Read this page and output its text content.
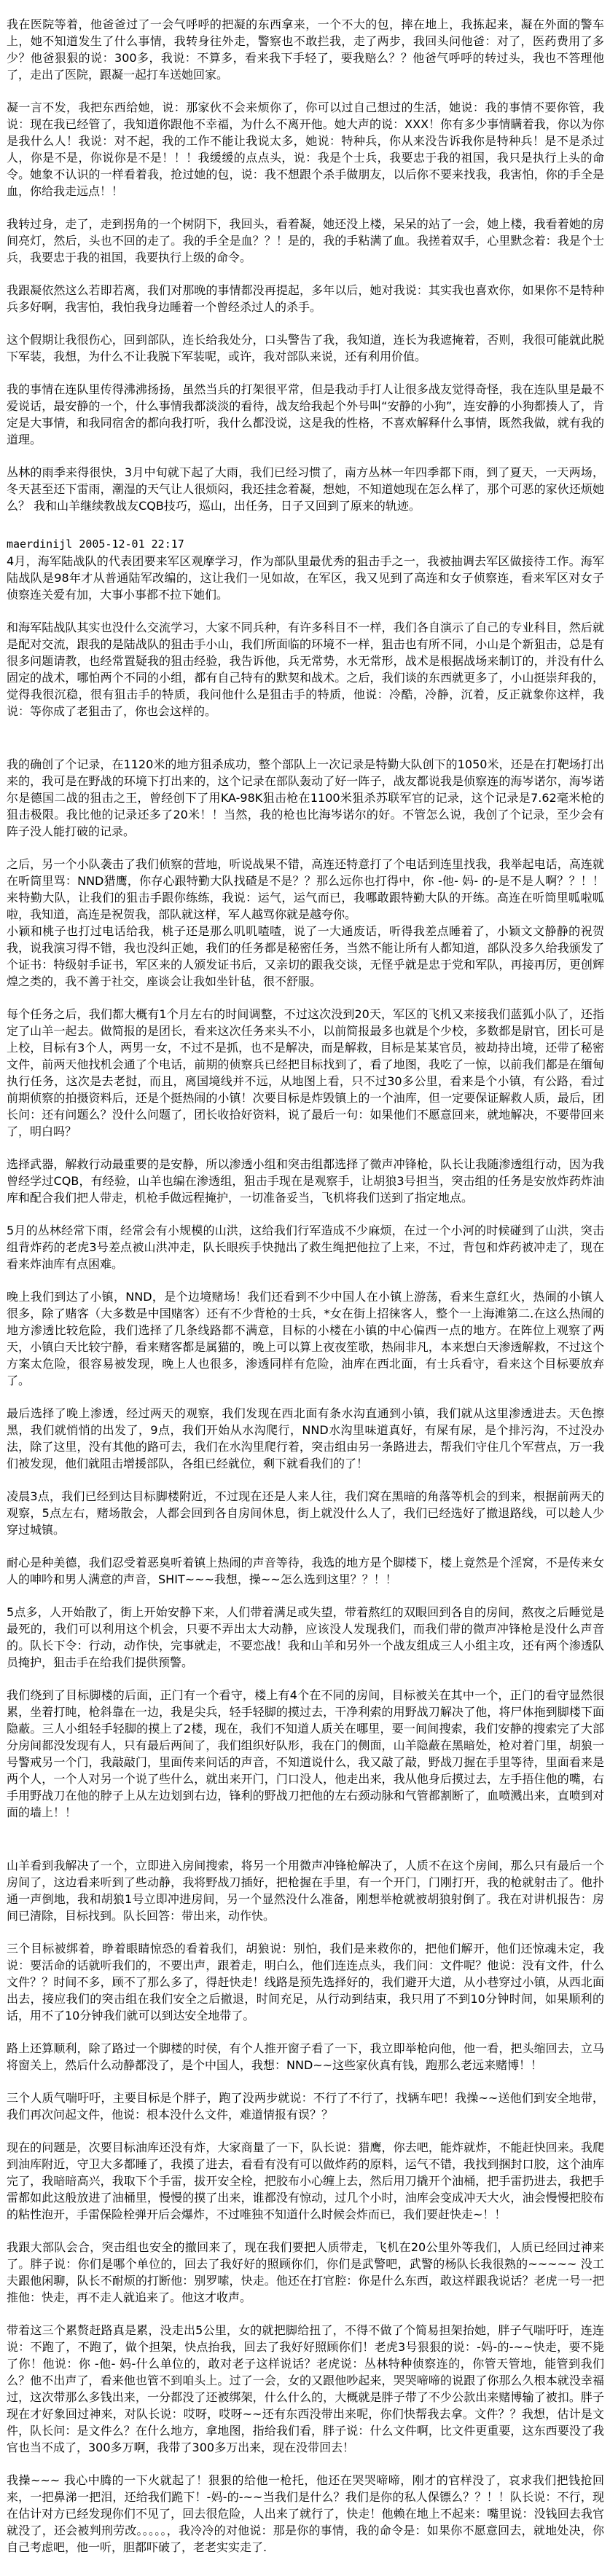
我在医院等着，他爸爸过了一会气呼呼的把凝的东西拿来，一个不大的包，摔在地上，我拣起来，凝在外面的警车上，她不知道发生了什么事情，我转身往外走，警察也不敢拦我，走了两步，我回头问他爸：对了，医药费用了多少？他爸狠狠的说：300多，我说：不算多，看来我下手轻了，要我赔么？？他爸气呼呼的转过头，我也不答理他了，走出了医院，跟凝一起打车送她回家。
凝一言不发，我把东西给她，说：那家伙不会来烦你了，你可以过自己想过的生活，她说：我的事情不要你管，我说：现在我已经管了，我知道你跟他不幸福，为什么不离开他。她大声的说：XXX！你有多少事情瞒着我，你以为你是我什么人！我说：对不起，我的工作不能让我说太多，她说：特种兵，你从来没告诉我你是特种兵！是不是杀过人，你是不是，你说你是不是！！！我缓缓的点点头，说：我是个士兵，我要忠于我的祖国，我只是执行上头的命令。她象不认识的一样看着我，抢过她的包，说：我不想跟个杀手做朋友，以后你不要来找我，我害怕，你的手全是血，你给我走远点！！
我转过身，走了，走到拐角的一个树阴下，我回头，看着凝，她还没上楼，呆呆的站了一会，她上楼，我看着她的房间亮灯，然后，头也不回的走了。我的手全是血？？！是的，我的手粘满了血。我搓着双手，心里默念着：我是个士兵，我要忠于我的祖国，我要执行上级的命令。
我跟凝依然这么若即若离，我们对那晚的事情都没再提起，多年以后，她对我说：其实我也喜欢你，如果你不是特种兵多好啊，我害怕，我怕我身边睡着一个曾经杀过人的杀手。
这个假期让我很伤心，回到部队，连长给我处分，口头警告了我，我知道，连长为我遮掩着，否则，我很可能就此脱下军装，我想，为什么不让我脱下军装呢，或许，我对部队来说，还有利用价值。
我的事情在连队里传得沸沸扬扬，虽然当兵的打架很平常，但是我动手打人让很多战友觉得奇怪，我在连队里是最不爱说话，最安静的一个，什么事情我都淡淡的看待，战友给我起个外号叫“安静的小狗”，连安静的小狗都揍人了，肯定是大事情，和我同宿舍的都向我打听，我什么都没说，这是我的性格，不喜欢解释什么事情，既然我做，就有我的道理。
丛林的雨季来得很快，3月中旬就下起了大雨，我们已经习惯了，南方丛林一年四季都下雨，到了夏天，一天两场，冬天甚至还下雷雨，潮湿的天气让人很烦闷，我还挂念着凝，想她，不知道她现在怎么样了，那个可恶的家伙还烦她么？ 我和山羊继续教战友CQB技巧，巡山，出任务，日子又回到了原来的轨迹。
maerdinijl 2005-12-01 22:17
4月，海军陆战队的代表团要来军区观摩学习，作为部队里最优秀的狙击手之一，我被抽调去军区做接待工作。海军陆战队是98年才从普通陆军改编的，这让我们一见如故，在军区，我又见到了高连和女子侦察连，看来军区对女子侦察连关爱有加，大事小事都不拉下她们。
和海军陆战队其实也没什么交流学习，大家不同兵种，有许多科目不一样，我们各自演示了自己的专业科目，然后就是配对交流，跟我的是陆战队的狙击手小山，我们所面临的环境不一样，狙击也有所不同，小山是个新狙击，总是有很多问题请教，也经常置疑我的狙击经验，我告诉他，兵无常势，水无常形，战术是根据战场来制订的，并没有什么固定的战术，哪怕两个不同的小组，都有自己特有的默契和战术。之后，我们谈的东西就更多了，小山挺崇拜我的，觉得我很沉稳，很有狙击手的特质，我问他什么是狙击手的特质，他说：冷酷，冷静，沉着，反正就象你这样，我说：等你成了老狙击了，你也会这样的。
我的确创了个记录，在1120米的地方狙杀成功，整个部队上一次记录是特勤大队创下的1050米，还是在打靶场打出来的，我可是在野战的环境下打出来的，这个记录在部队轰动了好一阵子，战友都说我是侦察连的海岑诺尔，海岑诺尔是德国二战的狙击之王，曾经创下了用KA-98K狙击枪在1100米狙杀苏联军官的记录，这个记录是7.62毫米枪的狙击极限。我比他的记录还多了20米！！当然，我的枪也比海岑诺尔的好。不管怎么说，我创了个记录，至少会有阵子没人能打破的记录。
之后，另一个小队袭击了我们侦察的营地，听说战果不错，高连还特意打了个电话到连里找我，我举起电话，高连就在听筒里骂：NND猎鹰，你存心跟特勤大队找碴是不是？？那么远你也打得中，你 -他- 妈- 的-是不是人啊？？！！来特勤大队，让我们的狙击手跟你练练，我说：运气，运气而已，我哪敢跟特勤大队的开练。高连在听筒里呱啦呱啦，我知道，高连是祝贺我，部队就这样，军人越骂你就是越夸你。
小颖和桃子也打过电话给我，桃子还是那么叽叽喳喳，说了一大通废话，听得我差点睡着了，小颖文文静静的祝贺我，说我演习得不错，我也没纠正她，我们的任务都是秘密任务，当然不能让所有人都知道，部队没多久给我颁发了个证书：特级射手证书，军区来的人颁发证书后，又亲切的跟我交谈，无怪乎就是忠于党和军队，再接再厉，更创辉煌之类的，我不善于社交，座谈会让我如坐针毡，很不舒服。
每个任务之后，我们都大概有1个月左右的时间调整，不过这次没到20天，军区的飞机又来接我们蓝狐小队了，还指定了山羊一起去。做简报的是团长，看来这次任务来头不小，以前简报最多也就是个少校，多数都是尉官，团长可是上校，目标有3个人，两男一女，不过不是抓，也不是解决，而是解救，目标是某某官员，被劫持出境，还带了秘密文件，前两天他找机会通了个电话，前期的侦察兵已经把目标找到了，看了地图，我吃了一惊，以前我们都是在缅甸执行任务，这次是去老挝，而且，离国境线并不远，从地图上看，只不过30多公里，看来是个小镇，有公路，看过前期侦察的拍摄资料后，还是个挺热闹的小镇！次要目标是炸毁镇上的一个油库，但一定要保证解救人质，最后，团长问：还有问题么？没什么问题了，团长收拾好资料，说了最后一句：如果他们不愿意回来，就地解决，不要带回来了，明白吗？
选择武器，解救行动最重要的是安静，所以渗透小组和突击组都选择了微声冲锋枪，队长让我随渗透组行动，因为我曾经学过CQB，有经验，山羊也编在渗透组，狙击手现在是观察手，让胡狼3号担当，突击组的任务是安放炸药炸油库和配合我们把人带走，机枪手做远程掩护，一切准备妥当，飞机将我们送到了指定地点。
5月的丛林经常下雨，经常会有小规模的山洪，这给我们行军造成不少麻烦，在过一个小河的时候碰到了山洪，突击组背炸药的老虎3号差点被山洪冲走，队长眼疾手快抛出了救生绳把他拉了上来，不过，背包和炸药被冲走了，现在看来炸油库有点困难。
晚上我们到达了小镇，NND，是个边境赌场！我们还看到不少中国人在小镇上游荡，看来生意红火，热闹的小镇人很多，除了赌客（大多数是中国赌客）还有不少背枪的士兵，*女在街上招徕客人，整个一上海滩第二.在这么热闹的地方渗透比较危险，我们选择了几条线路都不满意，目标的小楼在小镇的中心偏西一点的地方。在阵位上观察了两天，小镇白天比较宁静，看来赌客都是属猫的，晚上可以算上夜夜笙歌，热闹非凡，本来想白天渗透解救，不过这个方案太危险，很容易被发现，晚上人也很多，渗透同样有危险，油库在西北面，有士兵看守，看来这个目标要放弃了。
最后选择了晚上渗透，经过两天的观察，我们发现在西北面有条水沟直通到小镇，我们就从这里渗透进去。天色擦黑，我们就悄悄的出发了，9点，我们开始从水沟爬行，NND水沟里味道真好，有屎有尿，是个排污沟，不过没办法，除了这里，没有其他的路可去，我们在水沟里爬行着，突击组由另一条路进去，帮我们守住几个军营点，万一我们被发现，他们就阻击增援部队，各组已经就位，剩下就看我们的了！
凌晨3点，我们已经到达目标脚楼附近，不过现在还是人来人往，我们窝在黑暗的角落等机会的到来，根据前两天的观察，5点左右，赌场散会，人都会回到各自房间休息，街上就没什么人了，我们已经选好了撤退路线，可以趁人少穿过城镇。
耐心是种美德，我们忍受着恶臭听着镇上热闹的声音等待，我选的地方是个脚楼下，楼上竟然是个淫窝，不是传来女人的呻吟和男人满意的声音，SHIT~~~我想，操~~怎么选到这里？？！！
5点多，人开始散了，街上开始安静下来，人们带着满足或失望，带着熬红的双眼回到各自的房间，熬夜之后睡觉是最死的，我们可以利用这个机会，只要不弄出太大动静，应该没人发现我们，而我们带的微声冲锋枪是没什么声音的。队长下令：行动，动作快，完事就走，不要恋战！我和山羊和另外一个战友组成三人小组主攻，还有两个渗透队员掩护，狙击手在给我们提供预警。
我们绕到了目标脚楼的后面，正门有一个看守，楼上有4个在不同的房间，目标被关在其中一个，正门的看守显然很累，坐着打盹，枪斜靠在一边，我是尖兵，轻手轻脚的摸过去，干净利索的用野战刀解决了他，将尸体拖到脚楼下面隐蔽。三人小组轻手轻脚的摸上了2楼，现在，我们不知道人质关在哪里，要一间间搜索，我们安静的搜索完了大部分房间都没发现有人，只有最后两间了，我们组织好队形，我在门的侧面，山羊隐蔽在黑暗处，枪对着门里，胡狼一号警戒另一个门，我敲敲门，里面传来问话的声音，不知道说什么，我又敲了敲，野战刀握在手里等待，里面看来是两个人，一个人对另一个说了些什么，就出来开门，门口没人，他走出来，我从他身后摸过去，左手捂住他的嘴，右手用野战刀在他的脖子上从左边划到右边，锋利的野战刀把他的左右颈动脉和气管都割断了，血喷溅出来，直喷到对面的墙上！！
山羊看到我解决了一个，立即进入房间搜索，将另一个用微声冲锋枪解决了，人质不在这个房间，那么只有最后一个房间了，这边看来听到了些动静，我将野战刀插好，把枪握在手里，有一个开门，门刚打开，我的枪就射击了。他扑通一声倒地，我和胡狼1号立即冲进房间，另一个显然没什么准备，刚想举枪就被胡狼射倒了。我在对讲机报告：房间已清除，目标找到。队长回答：带出来，动作快。
三个目标被绑着，睁着眼睛惊恐的看着我们，胡狼说：别怕，我们是来救你的，把他们解开，他们还惊魂未定，我说：要活命的话就听我们的，不要出声，跟着走，明白么，他们连连点头，我们问：文件呢？他说：没有文件，什么文件？？时间不多，顾不了那么多了，得赶快走！线路是预先选择好的，我们避开大道，从小巷穿过小镇，从西北面出去，接应我们的突击组在我们安全之后撤退，时间充足，从行动到结束，我只用了不到10分钟时间，如果顺利的话，用不了10分钟我们就可以到达安全地带了。
路上还算顺利，除了路过一个脚楼的时侯，有个人推开窗子看了一下，我立即举枪向他，他一看，把头缩回去，立马将窗关上，然后什么动静都没了，是个中国人，我想：NND~~这些家伙真有钱，跑那么老远来赌博！！
三个人质气喘吁吁，主要目标是个胖子，跑了没两步就说：不行了不行了，找辆车吧！我操~~送他们到安全地带，我们再次问起文件，他说：根本没什么文件，难道情报有误？？
现在的问题是，次要目标油库还没有炸，大家商量了一下，队长说：猎鹰，你去吧，能炸就炸，不能赶快回来。我爬到油库附近，守卫大多都睡了，我摸了进去，看看有没有可以做炸药的原料，运气不错，我找到捆封口胶，这个油库完了，我暗暗高兴，我取下个手雷，拔开安全栓，把胶布小心缠上去，然后用刀撬开个油桶，把手雷扔进去，我把手雷都如此这般放进了油桶里，慢慢的摸了出来，谁都没有惊动，过几个小时，油库会变成冲天大火，油会慢慢把胶布的粘性泡开，手雷保险栓弹开后会爆炸，不过唯独不知道什么时候会炸而已，我们要赶快走~！！
我跟大部队会合，突击组也安全的撤回来了，现在我们要把人质带走，飞机在20公里外等我们，人质已经回过神来了。胖子说：你们是哪个单位的，回去了我好好的照顾你们，你们是武警吧，武警的杨队长我很熟的~~~~~ 没工夫跟他闲聊，队长不耐烦的打断他：别罗嗦，快走。他还在打官腔：你是什么东西，敢这样跟我说话？老虎一号一把推他：快走，再不走人就追来了。他这才收声。
带着这三个累赘赶路真是累，没走出5公里，女的就把脚给扭了，不得不做了个简易担架抬她，胖子气喘吁吁，连连说：不跑了，不跑了，做个担架，快点抬我，回去了我好好照顾你们！老虎3号狠狠的说：-妈-的-~~快走，要不毙了你！他说：你 -他- 妈-什么单位的，敢对老子这样说话？老虎说：丛林特种侦察连的，你管天管地，能管到我们么？他不出声了，看来他也管不到咱头上。过了一会，女的又跟他吵起来，哭哭啼啼的说跟了你那么久根本就没幸福过，这次带那么多钱出来，一分都没了还被绑架，什么什么的，大概就是胖子带了不少公款出来赌博输了被扣。胖子现在才好象回过神来，对队长说：哎呀，哎呀~~还有东西没带出来呢，你们快帮我去拿。文件？？我想，估计是文件，队长问：是文件么？在什么地方，拿地图，指给我们看，胖子说：什么文件啊，比文件更重要，这东西要没了我官也当不成了，300多万啊，我带了300多万出来，现在没带回去！
我操~~~ 我心中腾的一下火就起了！狠狠的给他一枪托，他还在哭哭啼啼，刚才的官样没了，哀求我们把钱抢回来，一把鼻涕一把泪，还给我们跪下！-妈-的-~~当我们是什么？我们是你的私人保镖么？？！！队长说：不行，现在估计对方已经发现你们不见了，回去很危险，人出来了就行了，快走！他赖在地上不起来：嘴里说：没钱回去我官就没了，还会被判刑劳改。。。。。，我冷冷的对他说：那是你的事情，我的命令是：如果你不愿意回去，就地处决，你自己考虑吧，他一听，胆都吓破了，老老实实走了.
